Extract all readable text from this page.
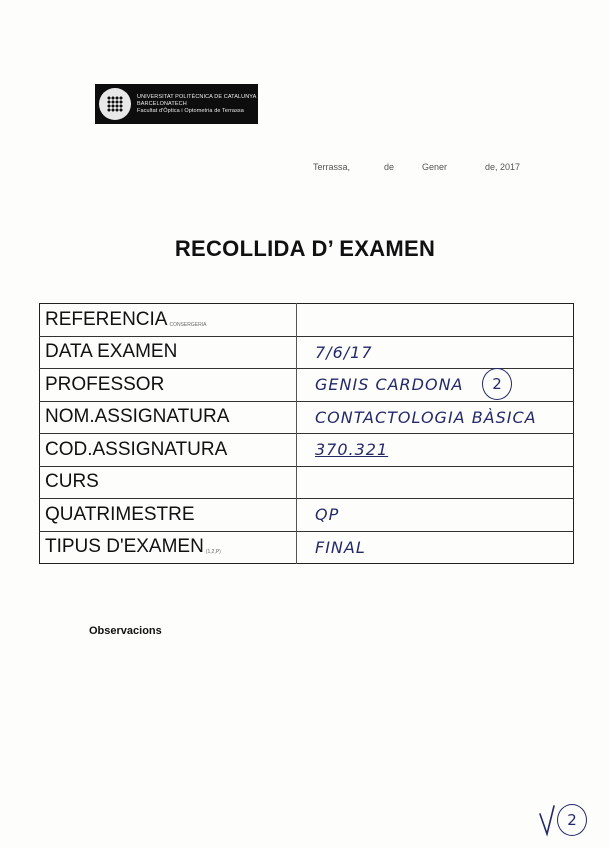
UNIVERSITAT POLITÈCNICA DE CATALUNYA
BARCELONATECH
Facultat d'Òptica i Optometria de Terrassa
Terrassa,	de	Gener	de, 2017
RECOLLIDA D’ EXAMEN
REFERENCIA CONSERGERIA	
DATA EXAMEN	7/6/17
PROFESSOR	GENIS CARDONA
NOM.ASSIGNATURA	CONTACTOLOGIA BÀSICA
COD.ASSIGNATURA	370.321
CURS	
QUATRIMESTRE	QP
TIPUS D'EXAMEN (1,2,P)	FINAL
2
Observacions
2
